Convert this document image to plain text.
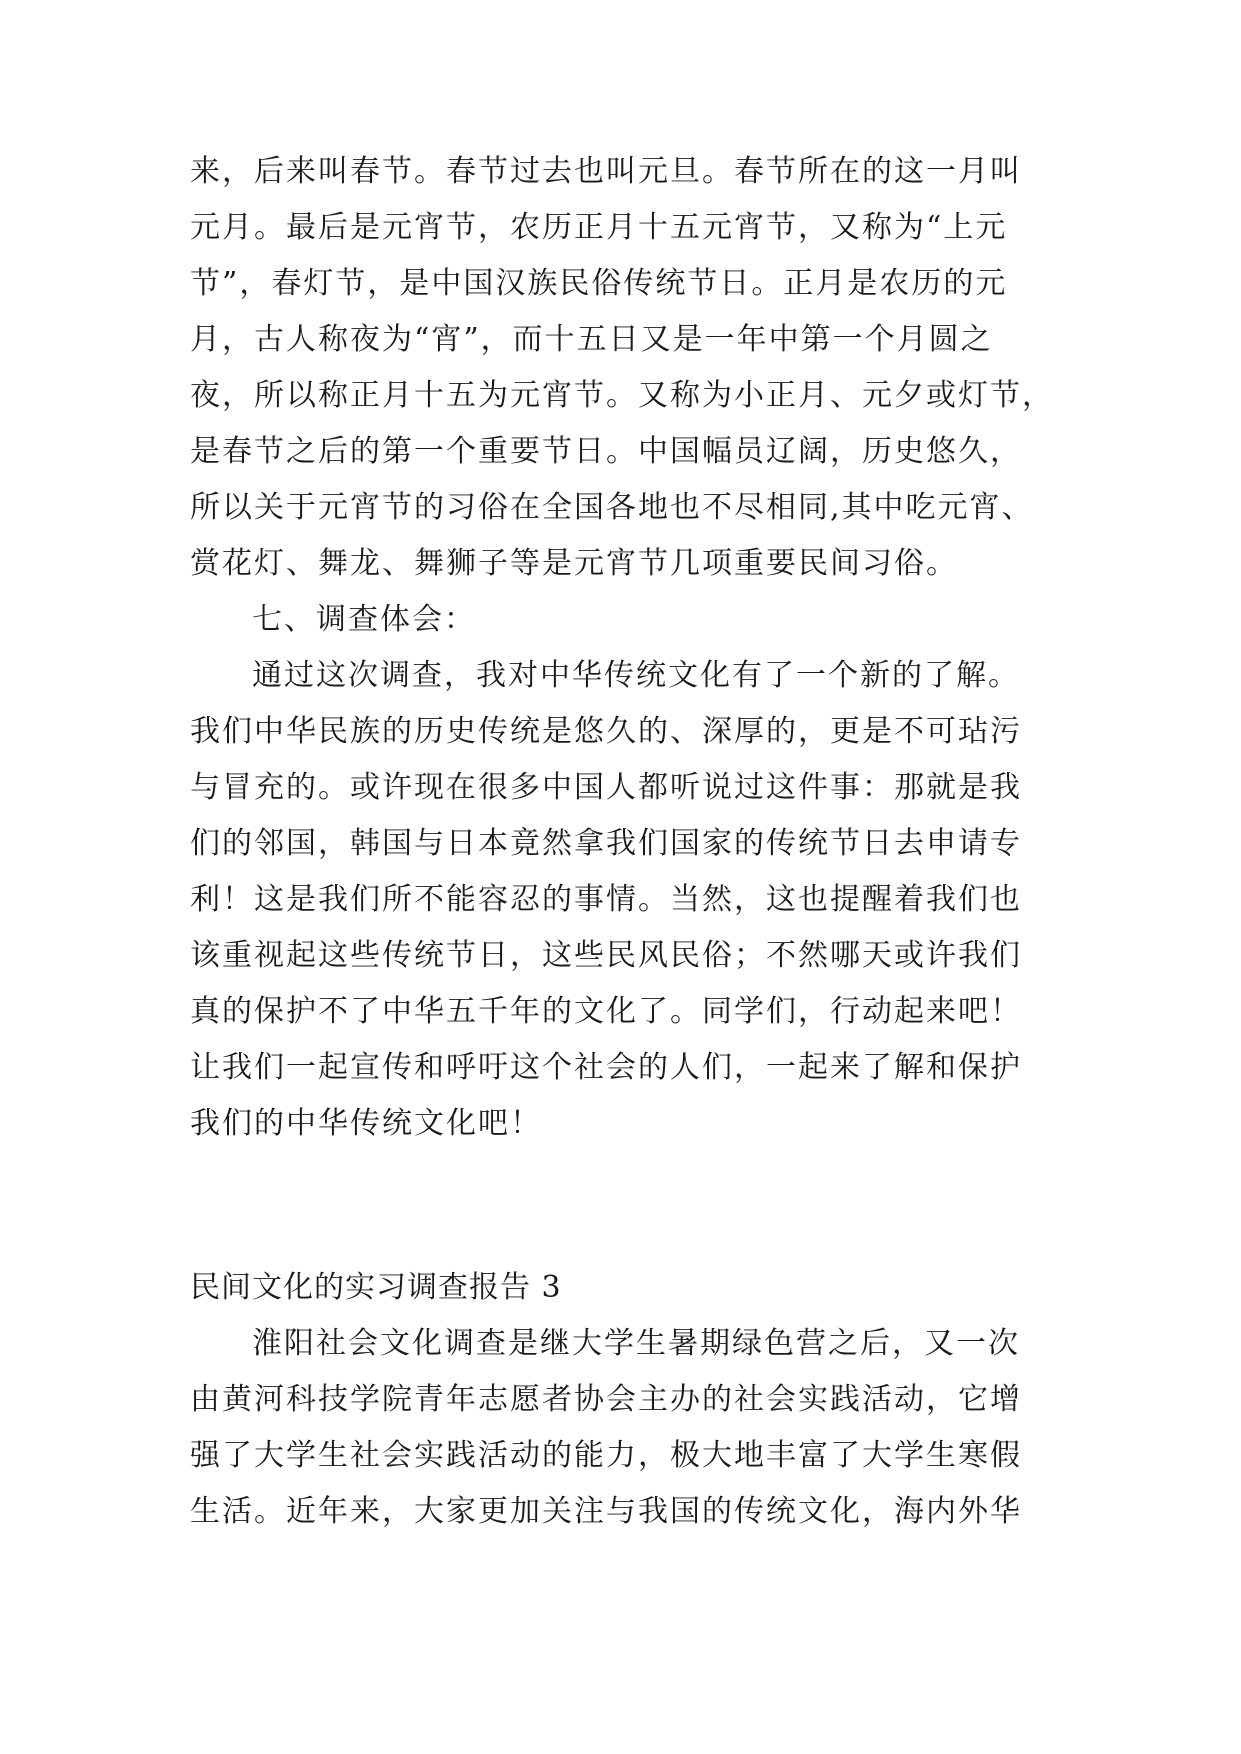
来，后来叫春节。春节过去也叫元旦。春节所在的这一月叫
元月。最后是元宵节，农历正月十五元宵节，又称为“上元
节”，春灯节，是中国汉族民俗传统节日。正月是农历的元
月，古人称夜为“宵”，而十五日又是一年中第一个月圆之
夜，所以称正月十五为元宵节。又称为小正月、元夕或灯节，
是春节之后的第一个重要节日。中国幅员辽阔，历史悠久，
所以关于元宵节的习俗在全国各地也不尽相同,其中吃元宵、
赏花灯、舞龙、舞狮子等是元宵节几项重要民间习俗。
七、调查体会：
通过这次调查，我对中华传统文化有了一个新的了解。
我们中华民族的历史传统是悠久的、深厚的，更是不可玷污
与冒充的。或许现在很多中国人都听说过这件事：那就是我
们的邻国，韩国与日本竟然拿我们国家的传统节日去申请专
利！这是我们所不能容忍的事情。当然，这也提醒着我们也
该重视起这些传统节日，这些民风民俗；不然哪天或许我们
真的保护不了中华五千年的文化了。同学们，行动起来吧！
让我们一起宣传和呼吁这个社会的人们，一起来了解和保护
我们的中华传统文化吧！
民间文化的实习调查报告 3
淮阳社会文化调查是继大学生暑期绿色营之后，又一次
由黄河科技学院青年志愿者协会主办的社会实践活动，它增
强了大学生社会实践活动的能力，极大地丰富了大学生寒假
生活。近年来，大家更加关注与我国的传统文化，海内外华
